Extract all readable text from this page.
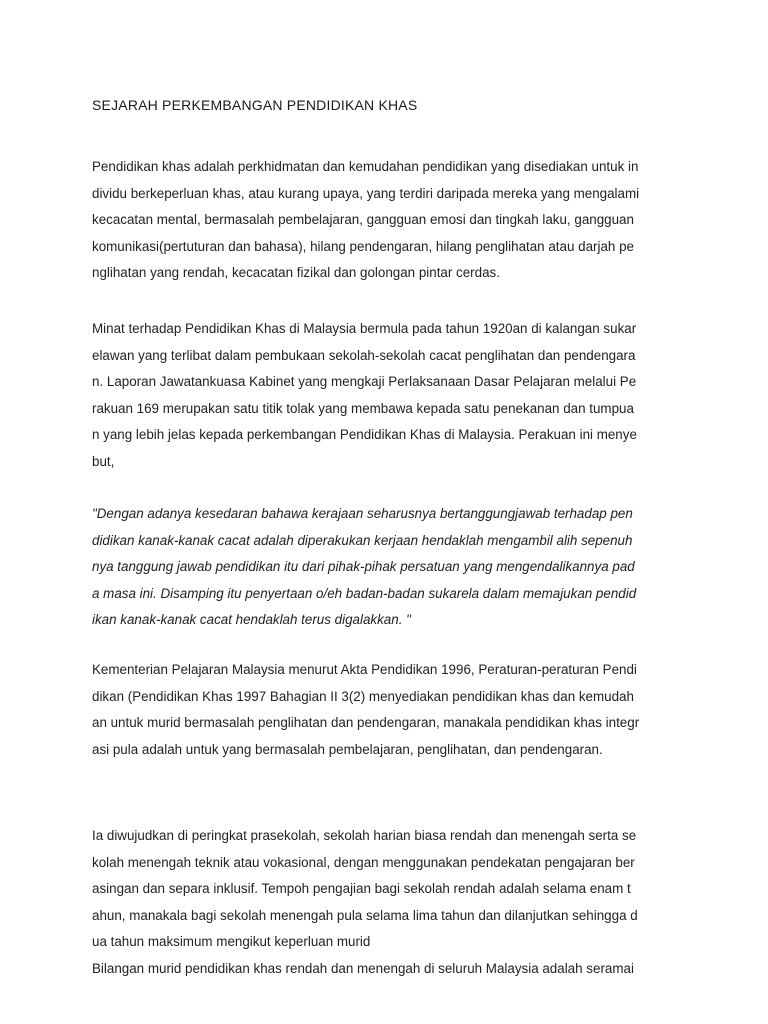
SEJARAH PERKEMBANGAN PENDIDIKAN KHAS
Pendidikan khas adalah perkhidmatan dan kemudahan pendidikan yang disediakan untuk in
dividu berkeperluan khas, atau kurang upaya, yang terdiri daripada mereka yang mengalami
kecacatan mental, bermasalah pembelajaran, gangguan emosi dan tingkah laku, gangguan
komunikasi(pertuturan dan bahasa), hilang pendengaran, hilang penglihatan atau darjah pe
nglihatan yang rendah, kecacatan fizikal dan golongan pintar cerdas.
Minat terhadap Pendidikan Khas di Malaysia bermula pada tahun 1920an di kalangan sukar
elawan yang terlibat dalam pembukaan sekolah-sekolah cacat penglihatan dan pendengara
n. Laporan Jawatankuasa Kabinet yang mengkaji Perlaksanaan Dasar Pelajaran melalui Pe
rakuan 169 merupakan satu titik tolak yang membawa kepada satu penekanan dan tumpua
n yang lebih jelas kepada perkembangan Pendidikan Khas di Malaysia. Perakuan ini menye
but,
"Dengan adanya kesedaran bahawa kerajaan seharusnya bertanggungjawab terhadap pen
didikan kanak-kanak cacat adalah diperakukan kerjaan hendaklah mengambil alih sepenuh
nya tanggung jawab pendidikan itu dari pihak-pihak persatuan yang mengendalikannya pad
a masa ini. Disamping itu penyertaan o/eh badan-badan sukarela dalam memajukan pendid
ikan kanak-kanak cacat hendaklah terus digalakkan. "
Kementerian Pelajaran Malaysia menurut Akta Pendidikan 1996, Peraturan-peraturan Pendi
dikan (Pendidikan Khas 1997 Bahagian II 3(2) menyediakan pendidikan khas dan kemudah
an untuk murid bermasalah penglihatan dan pendengaran, manakala pendidikan khas integr
asi pula adalah untuk yang bermasalah pembelajaran, penglihatan, dan pendengaran.
Ia diwujudkan di peringkat prasekolah, sekolah harian biasa rendah dan menengah serta se
kolah menengah teknik atau vokasional, dengan menggunakan pendekatan pengajaran ber
asingan dan separa inklusif. Tempoh pengajian bagi sekolah rendah adalah selama enam t
ahun, manakala bagi sekolah menengah pula selama lima tahun dan dilanjutkan sehingga d
ua tahun maksimum mengikut keperluan murid
Bilangan murid pendidikan khas rendah dan menengah di seluruh Malaysia adalah seramai
